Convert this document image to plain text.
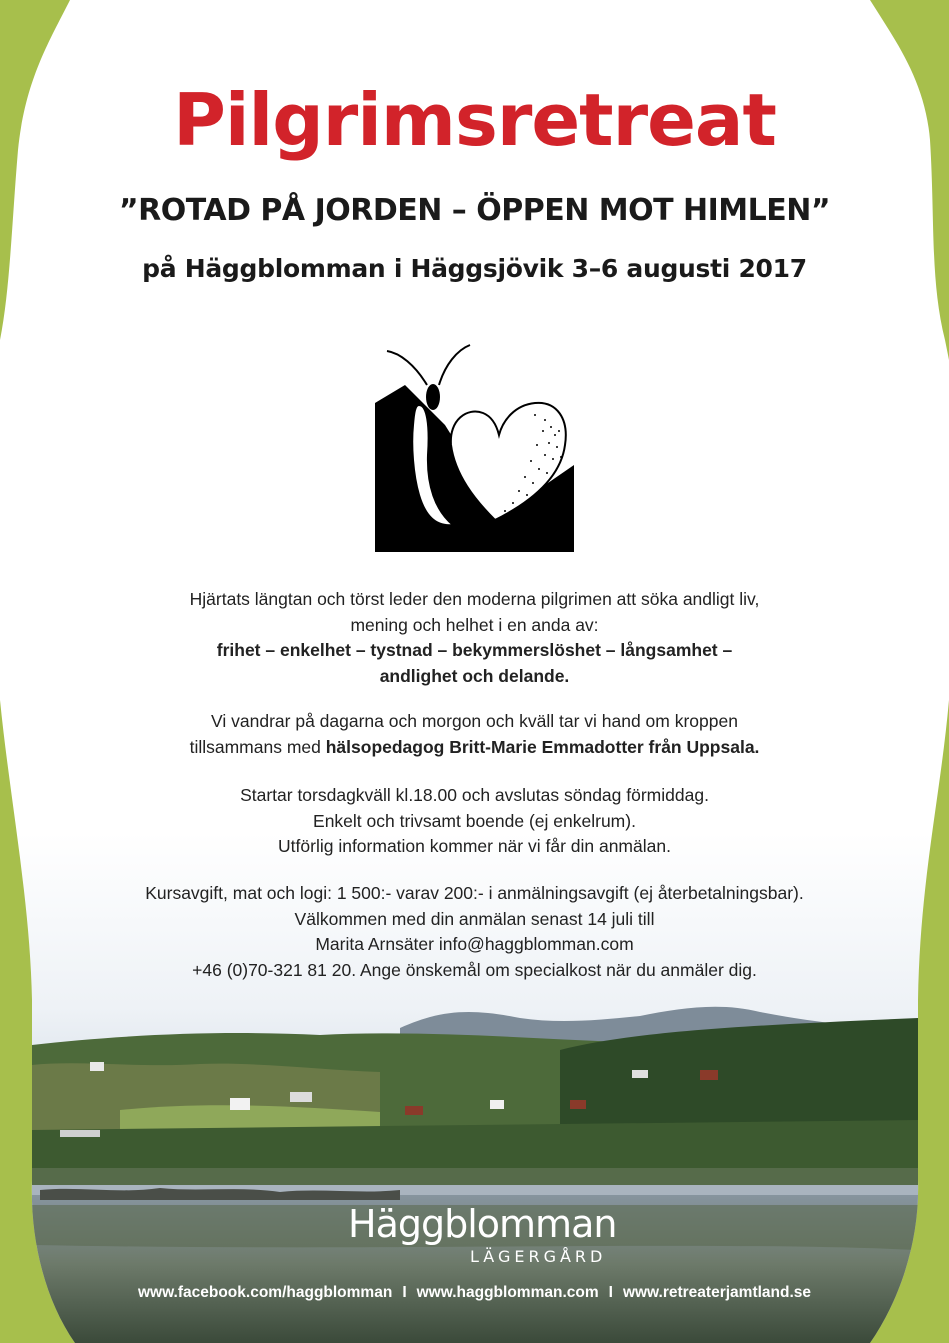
Pilgrimsretreat
”ROTAD PÅ JORDEN – ÖPPEN MOT HIMLEN”
på Häggblomman i Häggsjövik 3–6 augusti 2017

Hjärtats längtan och törst leder den moderna pilgrimen att söka andligt liv,

mening och helhet i en anda av:

frihet – enkelhet – tystnad – bekymmerslöshet – långsamhet –

andlighet och delande.

Vi vandrar på dagarna och morgon och kväll tar vi hand om kroppen

tillsammans med hälsopedagog Britt-Marie Emmadotter från Uppsala.

Startar torsdagkväll kl.18.00 och avslutas söndag förmiddag.

Enkelt och trivsamt boende (ej enkelrum).

Utförlig information kommer när vi får din anmälan.

Kursavgift, mat och logi: 1 500:- varav 200:- i anmälningsavgift (ej återbetalningsbar).

Välkommen med din anmälan senast 14 juli till

Marita Arnsäter info@haggblomman.com

+46 (0)70-321 81 20. Ange önskemål om specialkost när du anmäler dig.

Häggblomman
LÄGERGÅRD
www.facebook.com/haggblomman I www.haggblomman.com I www.retreaterjamtland.se
